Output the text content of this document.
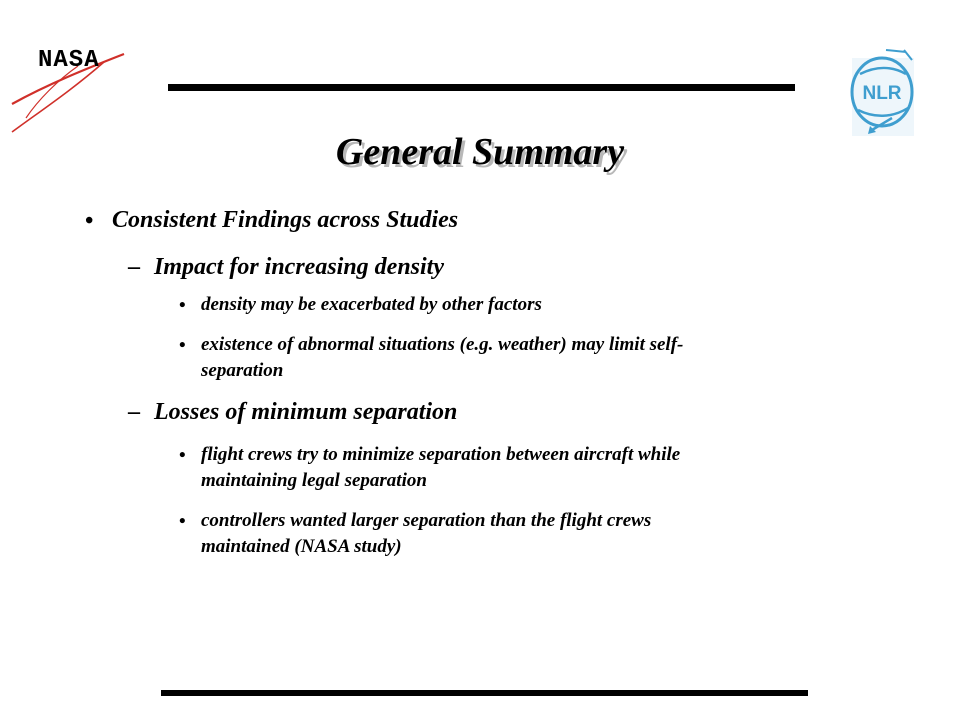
NASA
NLR
General Summary
• Consistent Findings across Studies
– Impact for increasing density
• density may be exacerbated by other factors
• existence of abnormal situations (e.g. weather) may limit self-
separation
– Losses of minimum separation
• flight crews try to minimize separation between aircraft while
maintaining legal separation
• controllers wanted larger separation than the flight crews
maintained (NASA study)
